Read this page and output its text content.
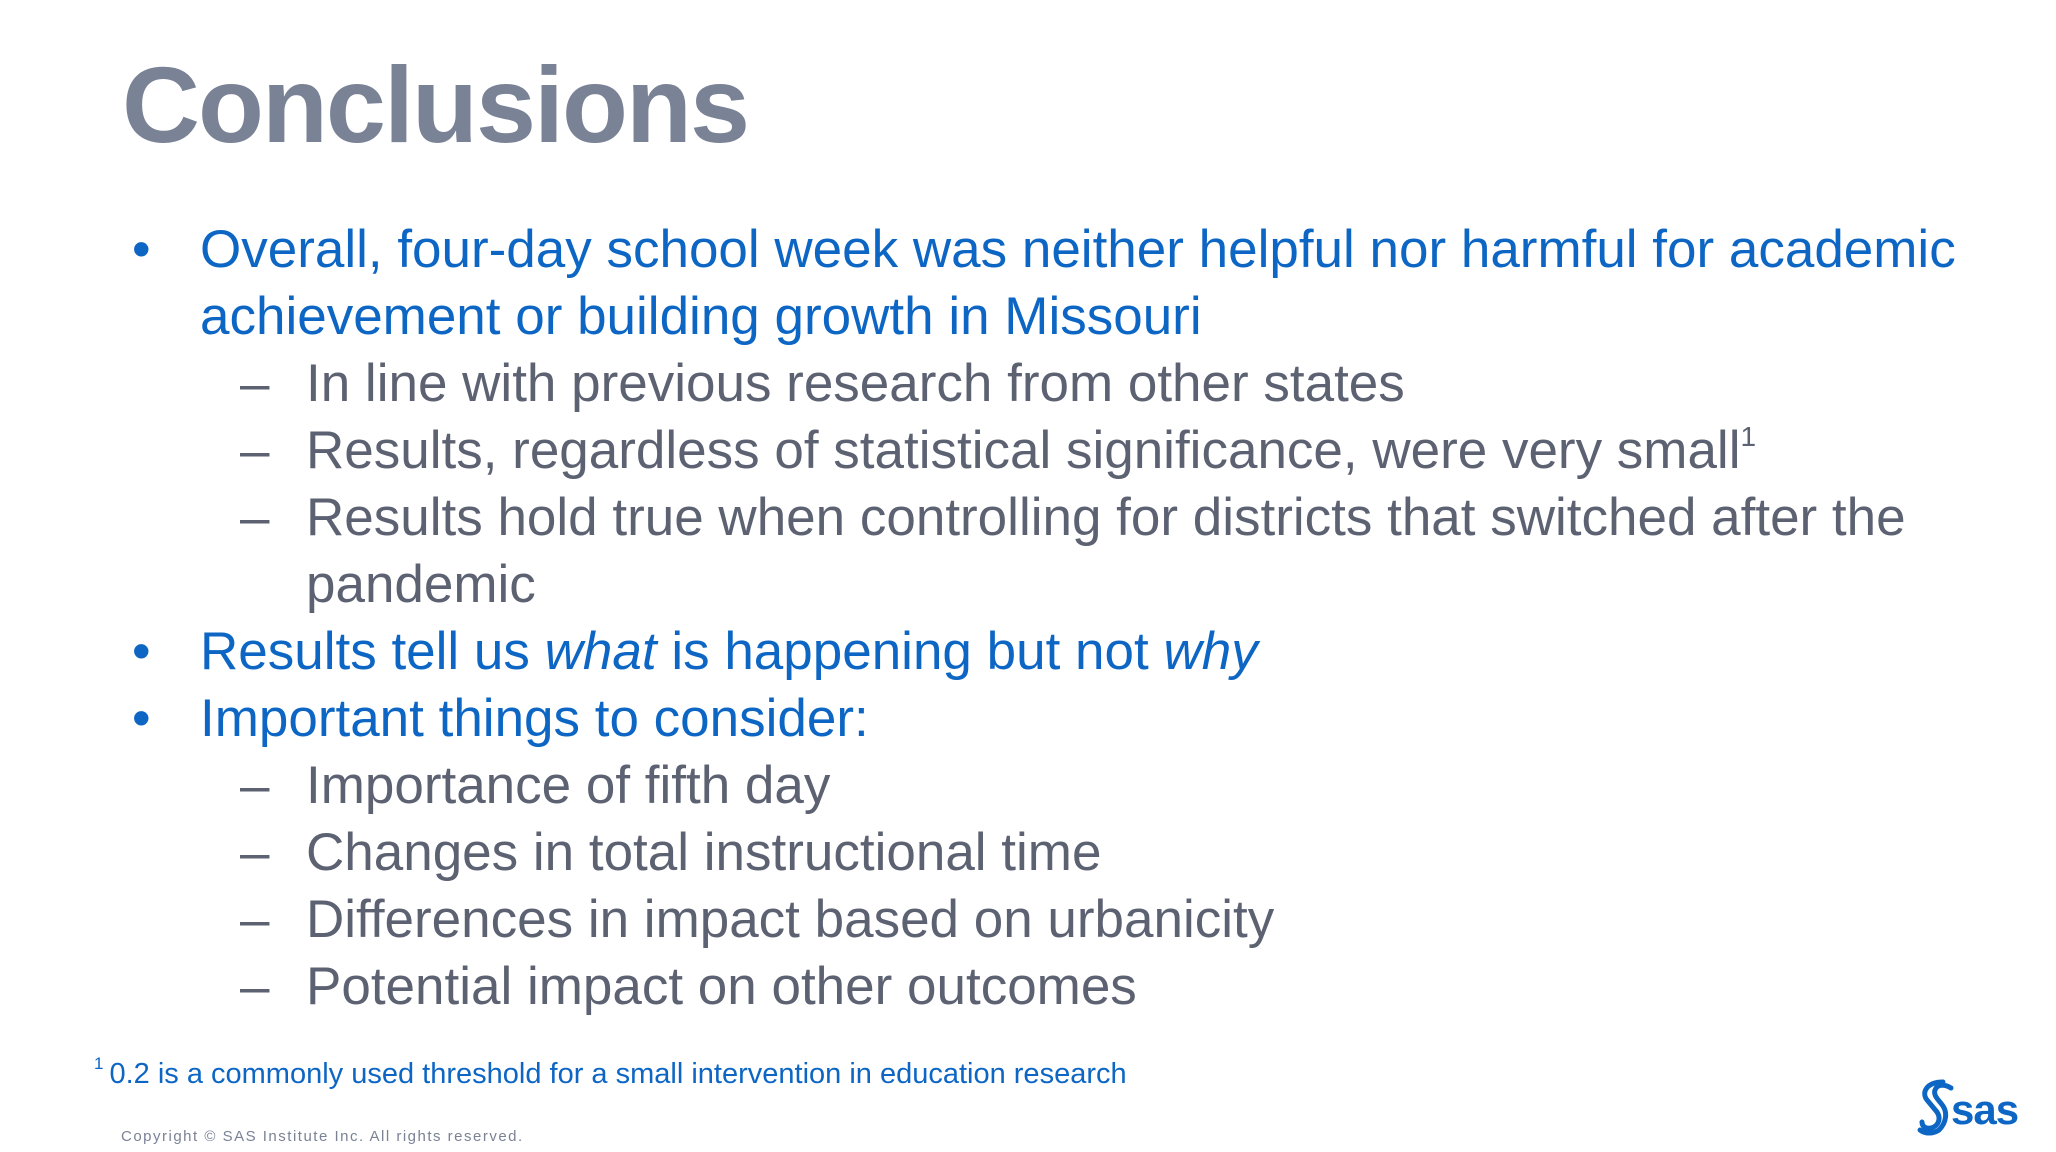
Conclusions
• Overall, four-day school week was neither helpful nor harmful for academic
achievement or building growth in Missouri
– In line with previous research from other states
– Results, regardless of statistical significance, were very small$^1$
– Results hold true when controlling for districts that switched after the
pandemic
• Results tell us what is happening but not why
• Important things to consider:
– Importance of fifth day
– Changes in total instructional time
– Differences in impact based on urbanicity
– Potential impact on other outcomes
$^1$ 0.2 is a commonly used threshold for a small intervention in education research
Copyright © SAS Institute Inc. All rights reserved.
sas
